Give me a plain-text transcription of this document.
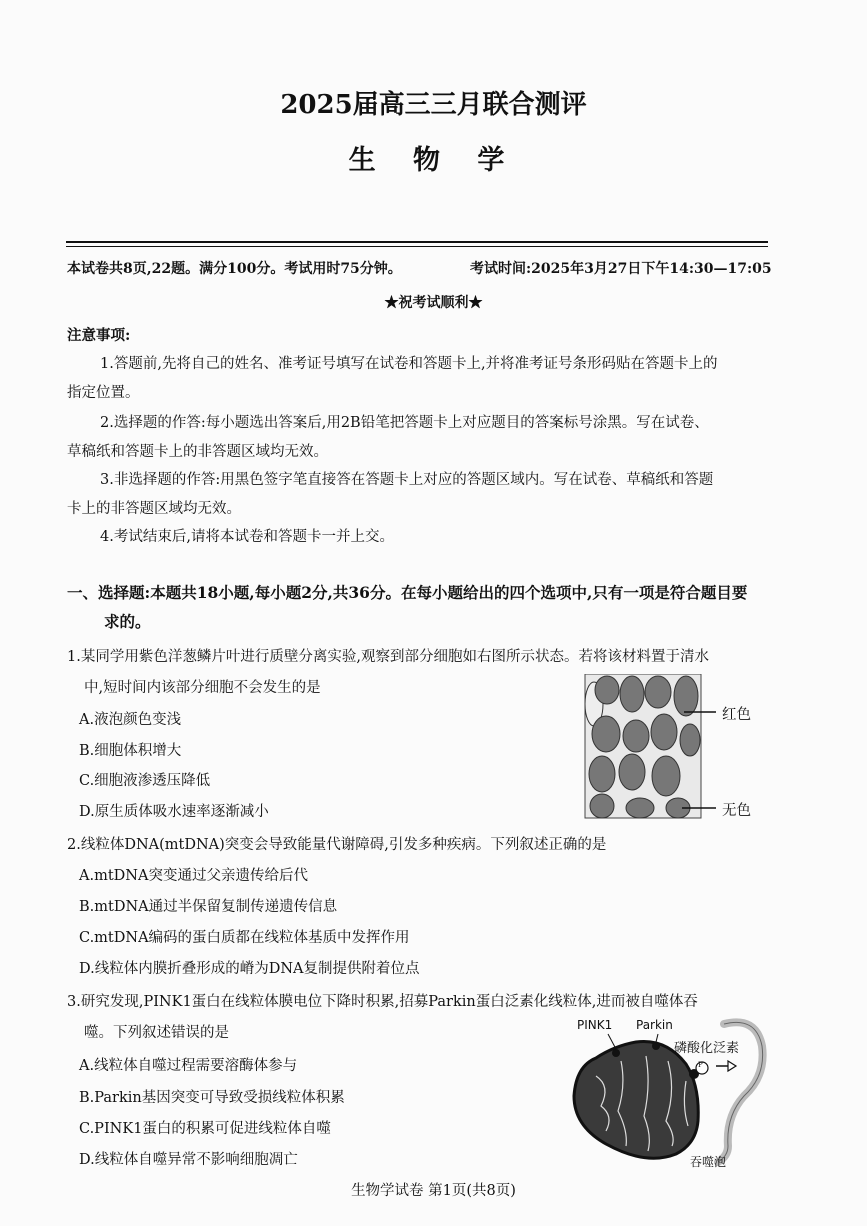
2025届高三三月联合测评
生 物 学
本试卷共8页,22题。满分100分。考试用时75分钟。	考试时间:2025年3月27日下午14:30—17:05
★祝考试顺利★
注意事项:
1.答题前,先将自己的姓名、准考证号填写在试卷和答题卡上,并将准考证号条形码贴在答题卡上的
指定位置。
2.选择题的作答:每小题选出答案后,用2B铅笔把答题卡上对应题目的答案标号涂黑。写在试卷、
草稿纸和答题卡上的非答题区域均无效。
3.非选择题的作答:用黑色签字笔直接答在答题卡上对应的答题区域内。写在试卷、草稿纸和答题
卡上的非答题区域均无效。
4.考试结束后,请将本试卷和答题卡一并上交。
一、选择题:本题共18小题,每小题2分,共36分。在每小题给出的四个选项中,只有一项是符合题目要
求的。
1.某同学用紫色洋葱鳞片叶进行质壁分离实验,观察到部分细胞如右图所示状态。若将该材料置于清水
中,短时间内该部分细胞不会发生的是
A.液泡颜色变浅
B.细胞体积增大
C.细胞液渗透压降低
D.原生质体吸水速率逐渐减小
红色
无色
2.线粒体DNA(mtDNA)突变会导致能量代谢障碍,引发多种疾病。下列叙述正确的是
A.mtDNA突变通过父亲遗传给后代
B.mtDNA通过半保留复制传递遗传信息
C.mtDNA编码的蛋白质都在线粒体基质中发挥作用
D.线粒体内膜折叠形成的嵴为DNA复制提供附着位点
3.研究发现,PINK1蛋白在线粒体膜电位下降时积累,招募Parkin蛋白泛素化线粒体,进而被自噬体吞
噬。下列叙述错误的是
A.线粒体自噬过程需要溶酶体参与
B.Parkin基因突变可导致受损线粒体积累
C.PINK1蛋白的积累可促进线粒体自噬
D.线粒体自噬异常不影响细胞凋亡
PINK1 Parkin
磷酸化泛素
P
吞噬泡
生物学试卷 第1页(共8页)
